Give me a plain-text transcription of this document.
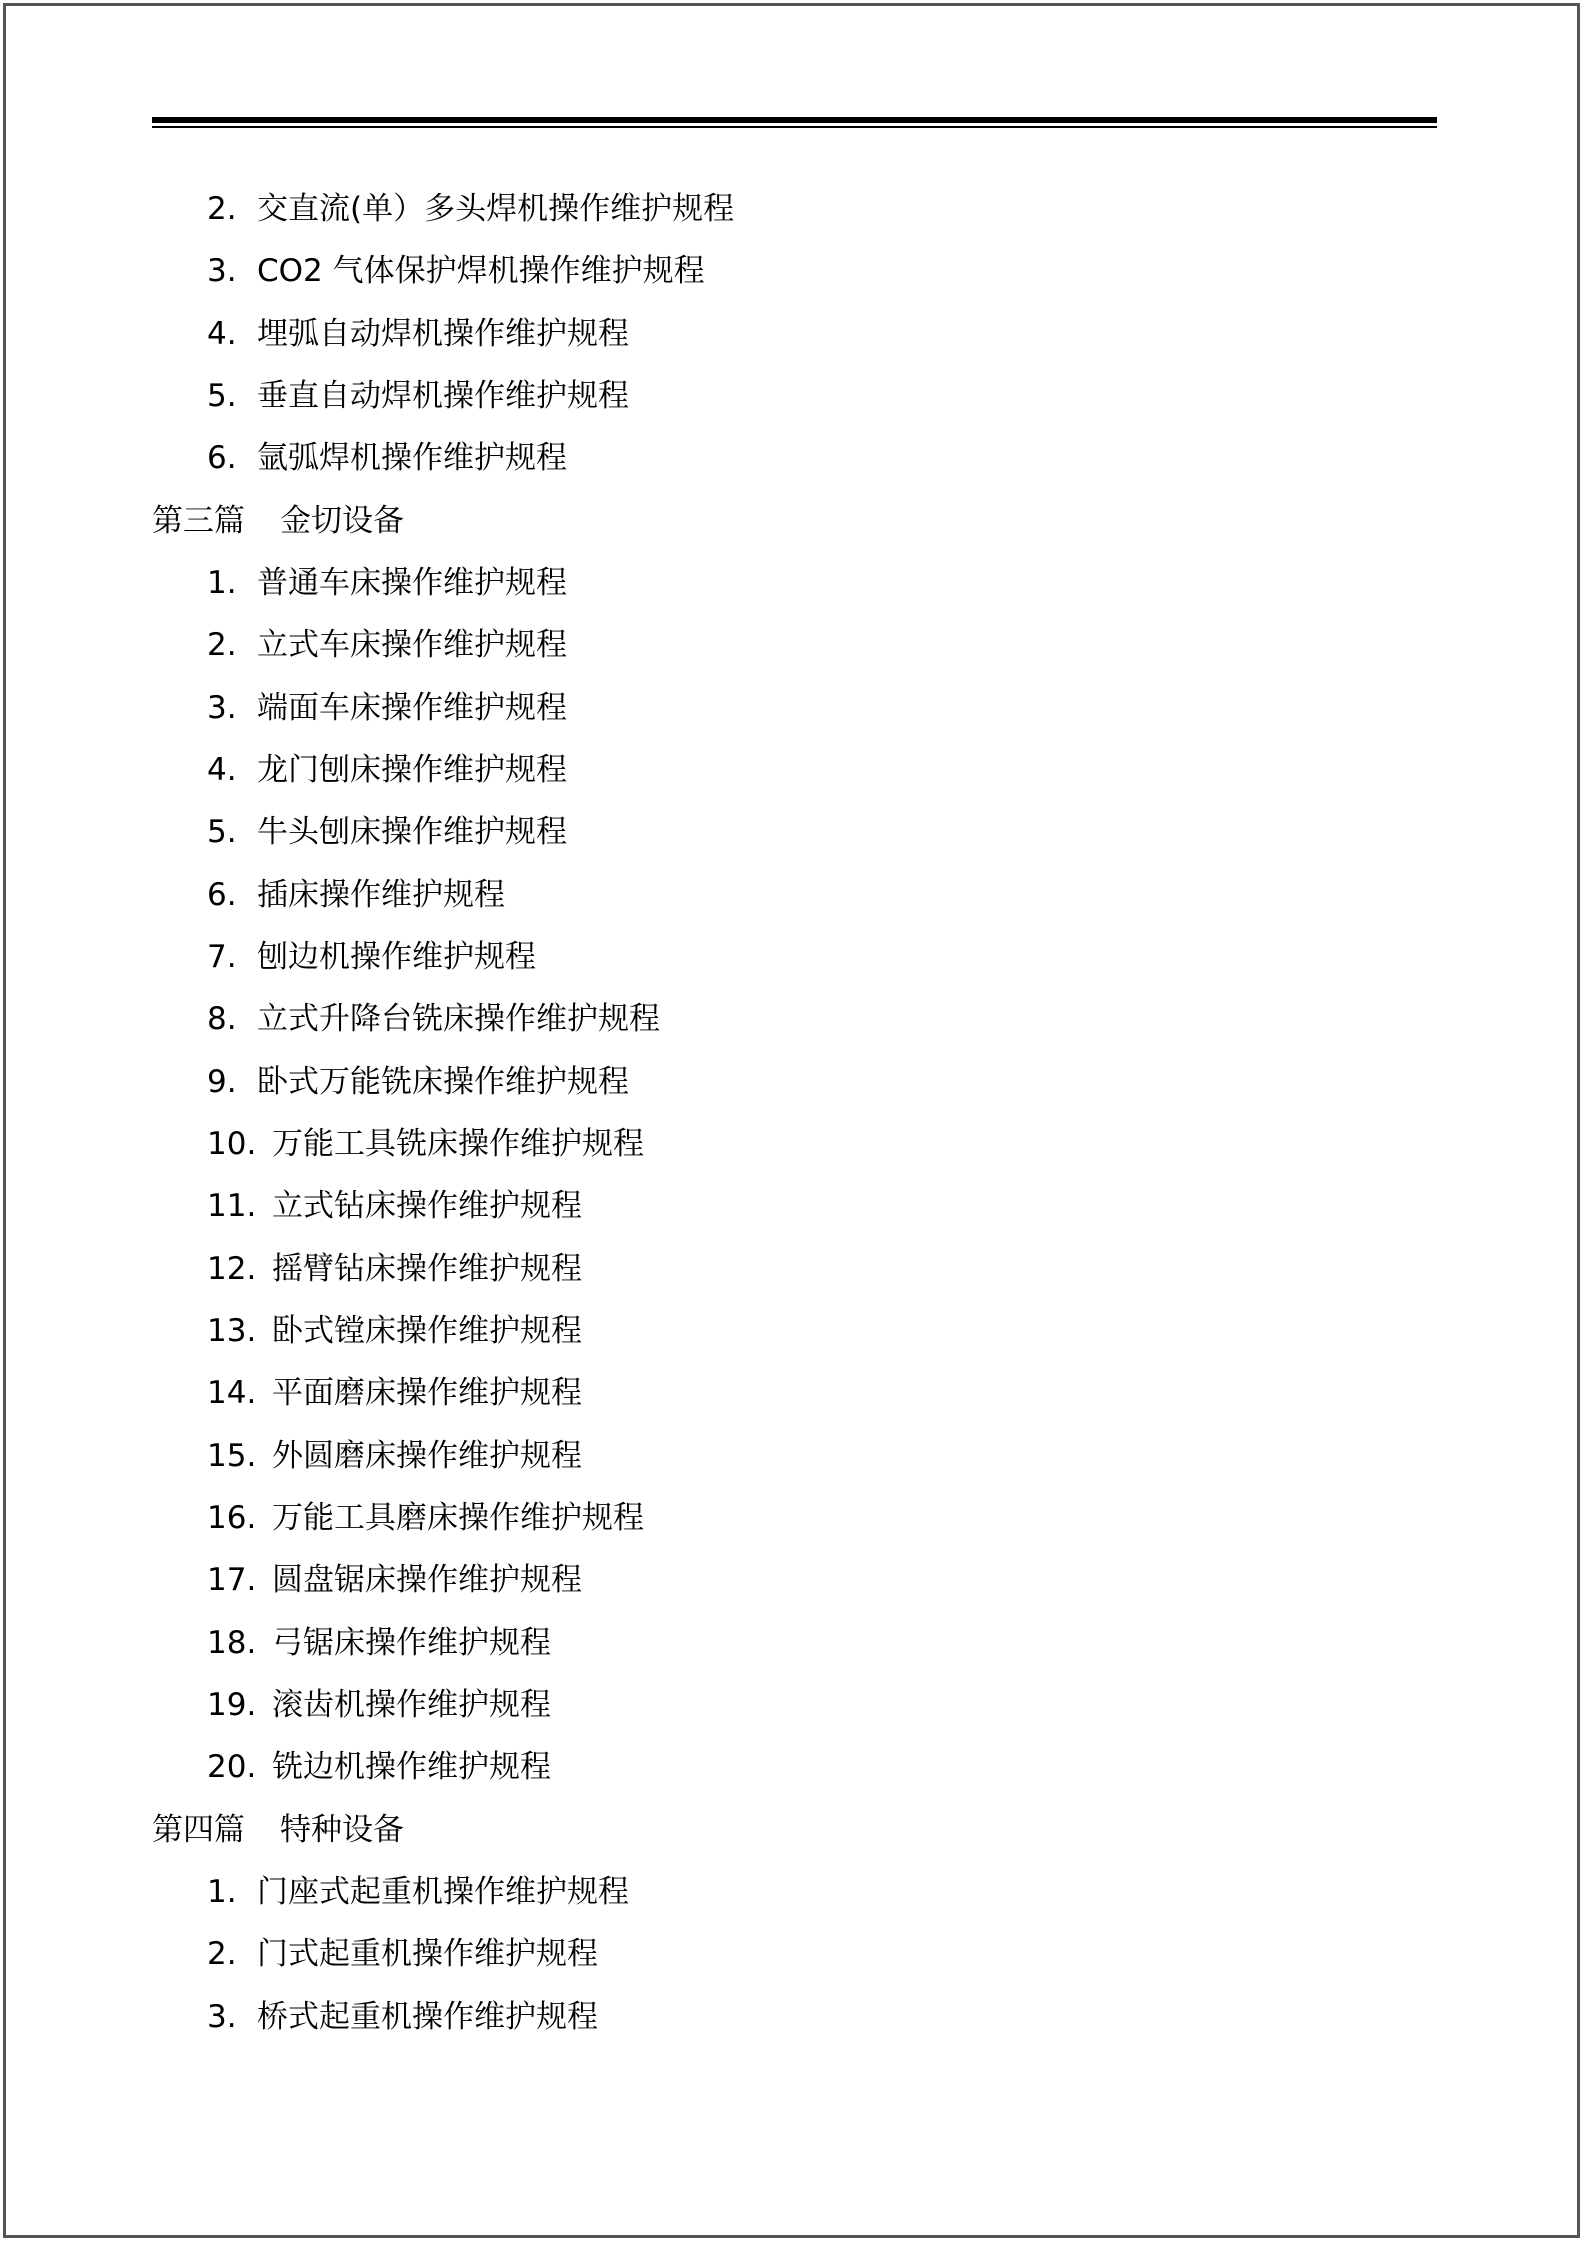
2. 交直流(单）多头焊机操作维护规程
3. CO2 气体保护焊机操作维护规程
4. 埋弧自动焊机操作维护规程
5. 垂直自动焊机操作维护规程
6. 氩弧焊机操作维护规程
第三篇 金切设备
1. 普通车床操作维护规程
2. 立式车床操作维护规程
3. 端面车床操作维护规程
4. 龙门刨床操作维护规程
5. 牛头刨床操作维护规程
6. 插床操作维护规程
7. 刨边机操作维护规程
8. 立式升降台铣床操作维护规程
9. 卧式万能铣床操作维护规程
10. 万能工具铣床操作维护规程
11. 立式钻床操作维护规程
12. 摇臂钻床操作维护规程
13. 卧式镗床操作维护规程
14. 平面磨床操作维护规程
15. 外圆磨床操作维护规程
16. 万能工具磨床操作维护规程
17. 圆盘锯床操作维护规程
18. 弓锯床操作维护规程
19. 滚齿机操作维护规程
20. 铣边机操作维护规程
第四篇 特种设备
1. 门座式起重机操作维护规程
2. 门式起重机操作维护规程
3. 桥式起重机操作维护规程
